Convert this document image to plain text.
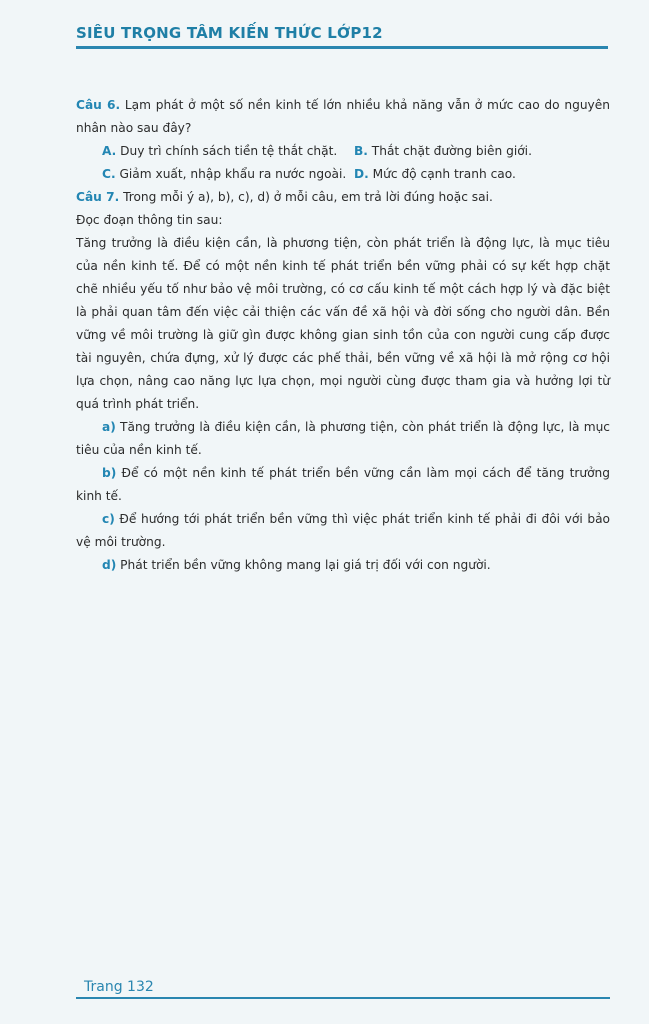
SIÊU TRỌNG TÂM KIẾN THỨC LỚP12

Câu 6. Lạm phát ở một số nền kinh tế lớn nhiều khả năng vẫn ở mức cao do nguyên nhân nào sau đây?

A. Duy trì chính sách tiền tệ thắt chặt.	B. Thắt chặt đường biên giới.
C. Giảm xuất, nhập khẩu ra nước ngoài. D. Mức độ cạnh tranh cao.

Câu 7. Trong mỗi ý a), b), c), d) ở mỗi câu, em trả lời đúng hoặc sai.

Đọc đoạn thông tin sau:

Tăng trưởng là điều kiện cần, là phương tiện, còn phát triển là động lực, là mục tiêu của nền kinh tế. Để có một nền kinh tế phát triển bền vững phải có sự kết hợp chặt chẽ nhiều yếu tố như bảo vệ môi trường, có cơ cấu kinh tế một cách hợp lý và đặc biệt là phải quan tâm đến việc cải thiện các vấn đề xã hội và đời sống cho người dân. Bền vững về môi trường là giữ gìn được không gian sinh tồn của con người cung cấp được tài nguyên, chứa đựng, xử lý được các phế thải, bền vững về xã hội là mở rộng cơ hội lựa chọn, nâng cao năng lực lựa chọn, mọi người cùng được tham gia và hưởng lợi từ quá trình phát triển.

a) Tăng trưởng là điều kiện cần, là phương tiện, còn phát triển là động lực, là mục tiêu của nền kinh tế.

b) Để có một nền kinh tế phát triển bền vững cần làm mọi cách để tăng trưởng kinh tế.

c) Để hướng tới phát triển bền vững thì việc phát triển kinh tế phải đi đôi với bảo vệ môi trường.

d) Phát triển bền vững không mang lại giá trị đối với con người.

Trang 132
